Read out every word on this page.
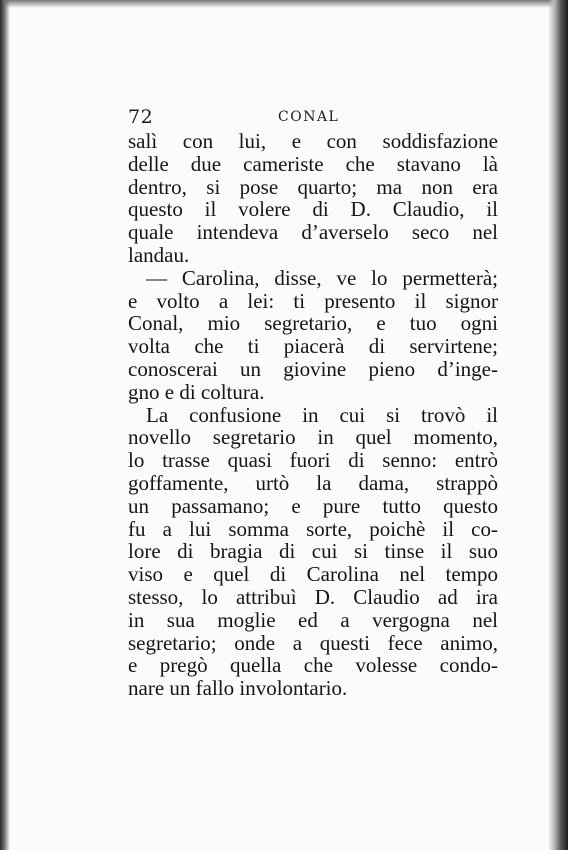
72	CONAL
salì con lui, e con soddisfazione
delle due cameriste che stavano là
dentro, si pose quarto; ma non era
questo il volere di D. Claudio, il
quale intendeva d’averselo seco nel
landau.
— Carolina, disse, ve lo permetterà;
e volto a lei: ti presento il signor
Conal, mio segretario, e tuo ogni
volta che ti piacerà di servirtene;
conoscerai un giovine pieno d’inge-
gno e di coltura.
La confusione in cui si trovò il
novello segretario in quel momento,
lo trasse quasi fuori di senno: entrò
goffamente, urtò la dama, strappò
un passamano; e pure tutto questo
fu a lui somma sorte, poichè il co-
lore di bragia di cui si tinse il suo
viso e quel di Carolina nel tempo
stesso, lo attribuì D. Claudio ad ira
in sua moglie ed a vergogna nel
segretario; onde a questi fece animo,
e pregò quella che volesse condo-
nare un fallo involontario.
